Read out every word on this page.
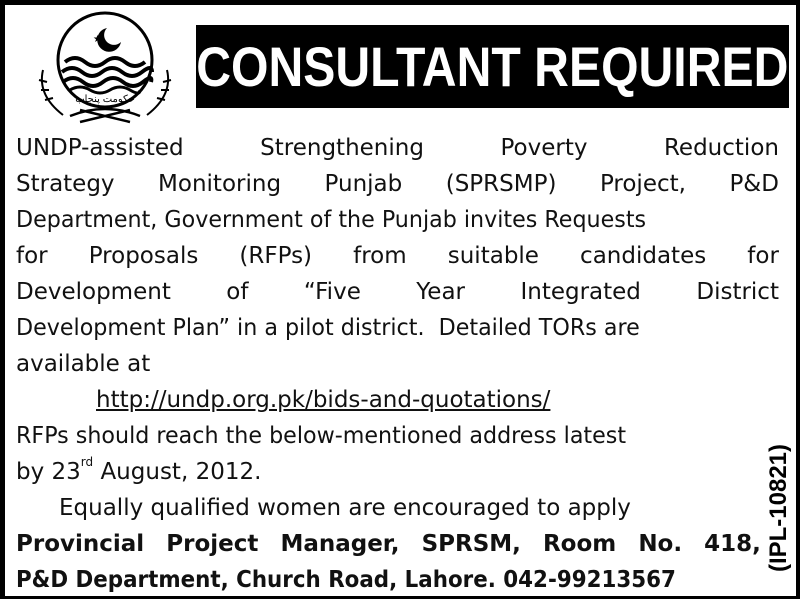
★
حکومت پنجاب
CONSULTANT REQUIRED
UNDP-assisted	Strengthening	Poverty	Reduction
Strategy Monitoring Punjab (SPRSMP) Project, P&D
Department, Government of the Punjab invites Requests
for Proposals (RFPs) from suitable candidates for
Development of “Five Year Integrated District
Development Plan” in a pilot district.  Detailed TORs are
available at
http://undp.org.pk/bids-and-quotations/
RFPs should reach the below-mentioned address latest
by 23rd August, 2012.
Equally qualified women are encouraged to apply
Provincial Project Manager, SPRSM, Room No. 418,
P&D Department, Church Road, Lahore. 042-99213567
(IPL-10821)
